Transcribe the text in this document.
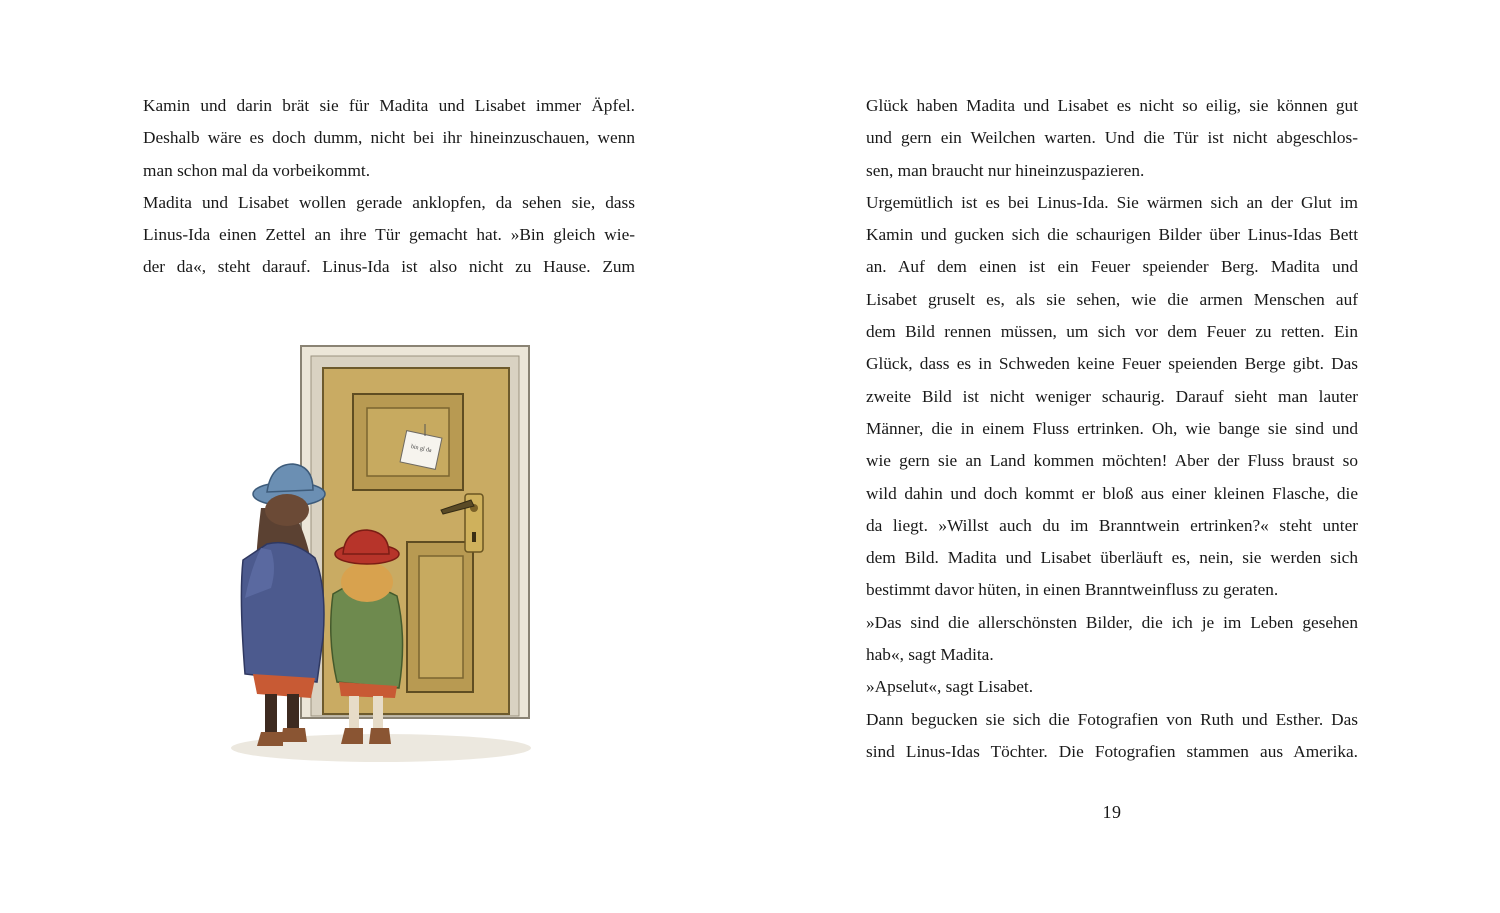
Kamin und darin brät sie für Madita und Lisabet immer Äpfel.
Deshalb wäre es doch dumm, nicht bei ihr hineinzuschauen, wenn
man schon mal da vorbeikommt.
Madita und Lisabet wollen gerade anklopfen, da sehen sie, dass
Linus-Ida einen Zettel an ihre Tür gemacht hat. »Bin gleich wie-
der da«, steht darauf. Linus-Ida ist also nicht zu Hause. Zum
bin gl da
Glück haben Madita und Lisabet es nicht so eilig, sie können gut
und gern ein Weilchen warten. Und die Tür ist nicht abgeschlos-
sen, man braucht nur hineinzuspazieren.
Urgemütlich ist es bei Linus-Ida. Sie wärmen sich an der Glut im
Kamin und gucken sich die schaurigen Bilder über Linus-Idas Bett
an. Auf dem einen ist ein Feuer speiender Berg. Madita und
Lisabet gruselt es, als sie sehen, wie die armen Menschen auf
dem Bild rennen müssen, um sich vor dem Feuer zu retten. Ein
Glück, dass es in Schweden keine Feuer speienden Berge gibt. Das
zweite Bild ist nicht weniger schaurig. Darauf sieht man lauter
Männer, die in einem Fluss ertrinken. Oh, wie bange sie sind und
wie gern sie an Land kommen möchten! Aber der Fluss braust so
wild dahin und doch kommt er bloß aus einer kleinen Flasche, die
da liegt. »Willst auch du im Branntwein ertrinken?« steht unter
dem Bild. Madita und Lisabet überläuft es, nein, sie werden sich
bestimmt davor hüten, in einen Branntweinfluss zu geraten.
»Das sind die allerschönsten Bilder, die ich je im Leben gesehen
hab«, sagt Madita.
»Apselut«, sagt Lisabet.
Dann begucken sie sich die Fotografien von Ruth und Esther. Das
sind Linus-Idas Töchter. Die Fotografien stammen aus Amerika.
19
